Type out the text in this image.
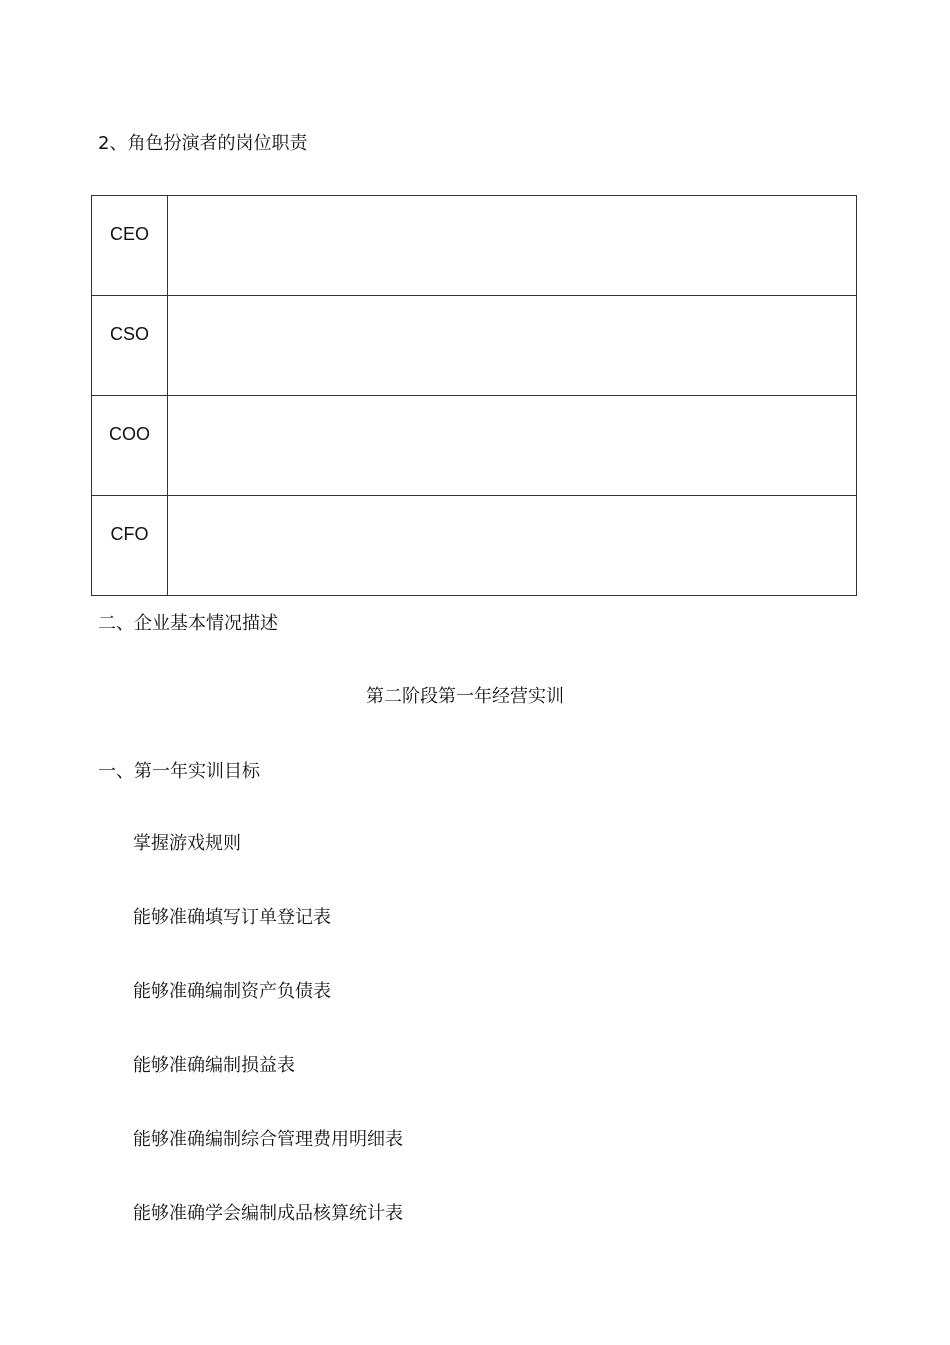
2、角色扮演者的岗位职责
CEO	

CSO	

COO	

CFO	

二、企业基本情况描述
第二阶段第一年经营实训
一、第一年实训目标
掌握游戏规则
能够准确填写订单登记表
能够准确编制资产负债表
能够准确编制损益表
能够准确编制综合管理费用明细表
能够准确学会编制成品核算统计表
